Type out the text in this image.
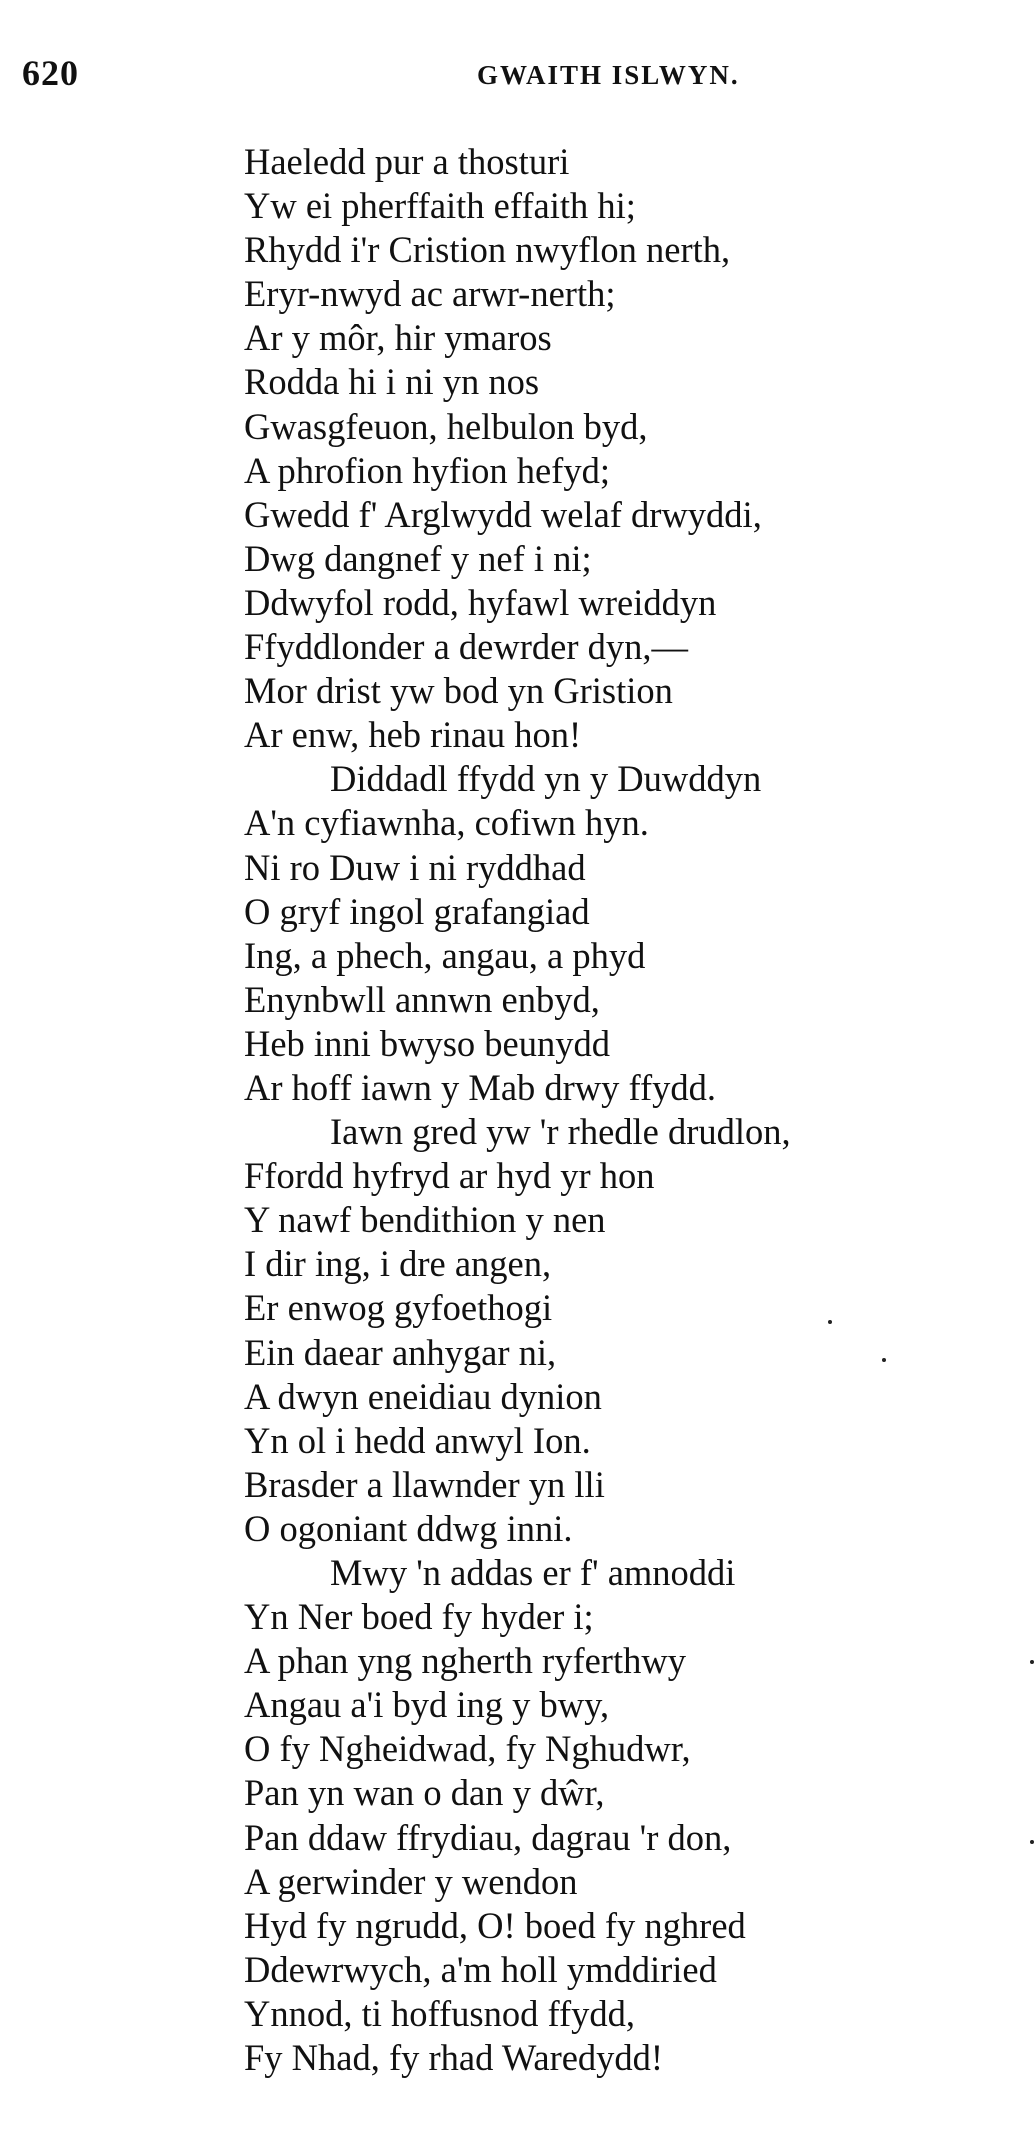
620	GWAITH ISLWYN.
Haeledd pur a thosturi
Yw ei pherffaith effaith hi;
Rhydd i'r Cristion nwyflon nerth,
Eryr-nwyd ac arwr-nerth;
Ar y môr, hir ymaros
Rodda hi i ni yn nos
Gwasgfeuon, helbulon byd,
A phrofion hyfion hefyd;
Gwedd f' Arglwydd welaf drwyddi,
Dwg dangnef y nef i ni;
Ddwyfol rodd, hyfawl wreiddyn
Ffyddlonder a dewrder dyn,—
Mor drist yw bod yn Gristion
Ar enw, heb rinau hon!
Diddadl ffydd yn y Duwddyn
A'n cyfiawnha, cofiwn hyn.
Ni ro Duw i ni ryddhad
O gryf ingol grafangiad
Ing, a phech, angau, a phyd
Enynbwll annwn enbyd,
Heb inni bwyso beunydd
Ar hoff iawn y Mab drwy ffydd.
Iawn gred yw 'r rhedle drudlon,
Ffordd hyfryd ar hyd yr hon
Y nawf bendithion y nen
I dir ing, i dre angen,
Er enwog gyfoethogi
Ein daear anhygar ni,
A dwyn eneidiau dynion
Yn ol i hedd anwyl Ion.
Brasder a llawnder yn lli
O ogoniant ddwg inni.
Mwy 'n addas er f' amnoddi
Yn Ner boed fy hyder i;
A phan yng ngherth ryferthwy
Angau a'i byd ing y bwy,
O fy Ngheidwad, fy Nghudwr,
Pan yn wan o dan y dŵr,
Pan ddaw ffrydiau, dagrau 'r don,
A gerwinder y wendon
Hyd fy ngrudd, O! boed fy nghred
Ddewrwych, a'm holl ymddiried
Ynnod, ti hoffusnod ffydd,
Fy Nhad, fy rhad Waredydd!
